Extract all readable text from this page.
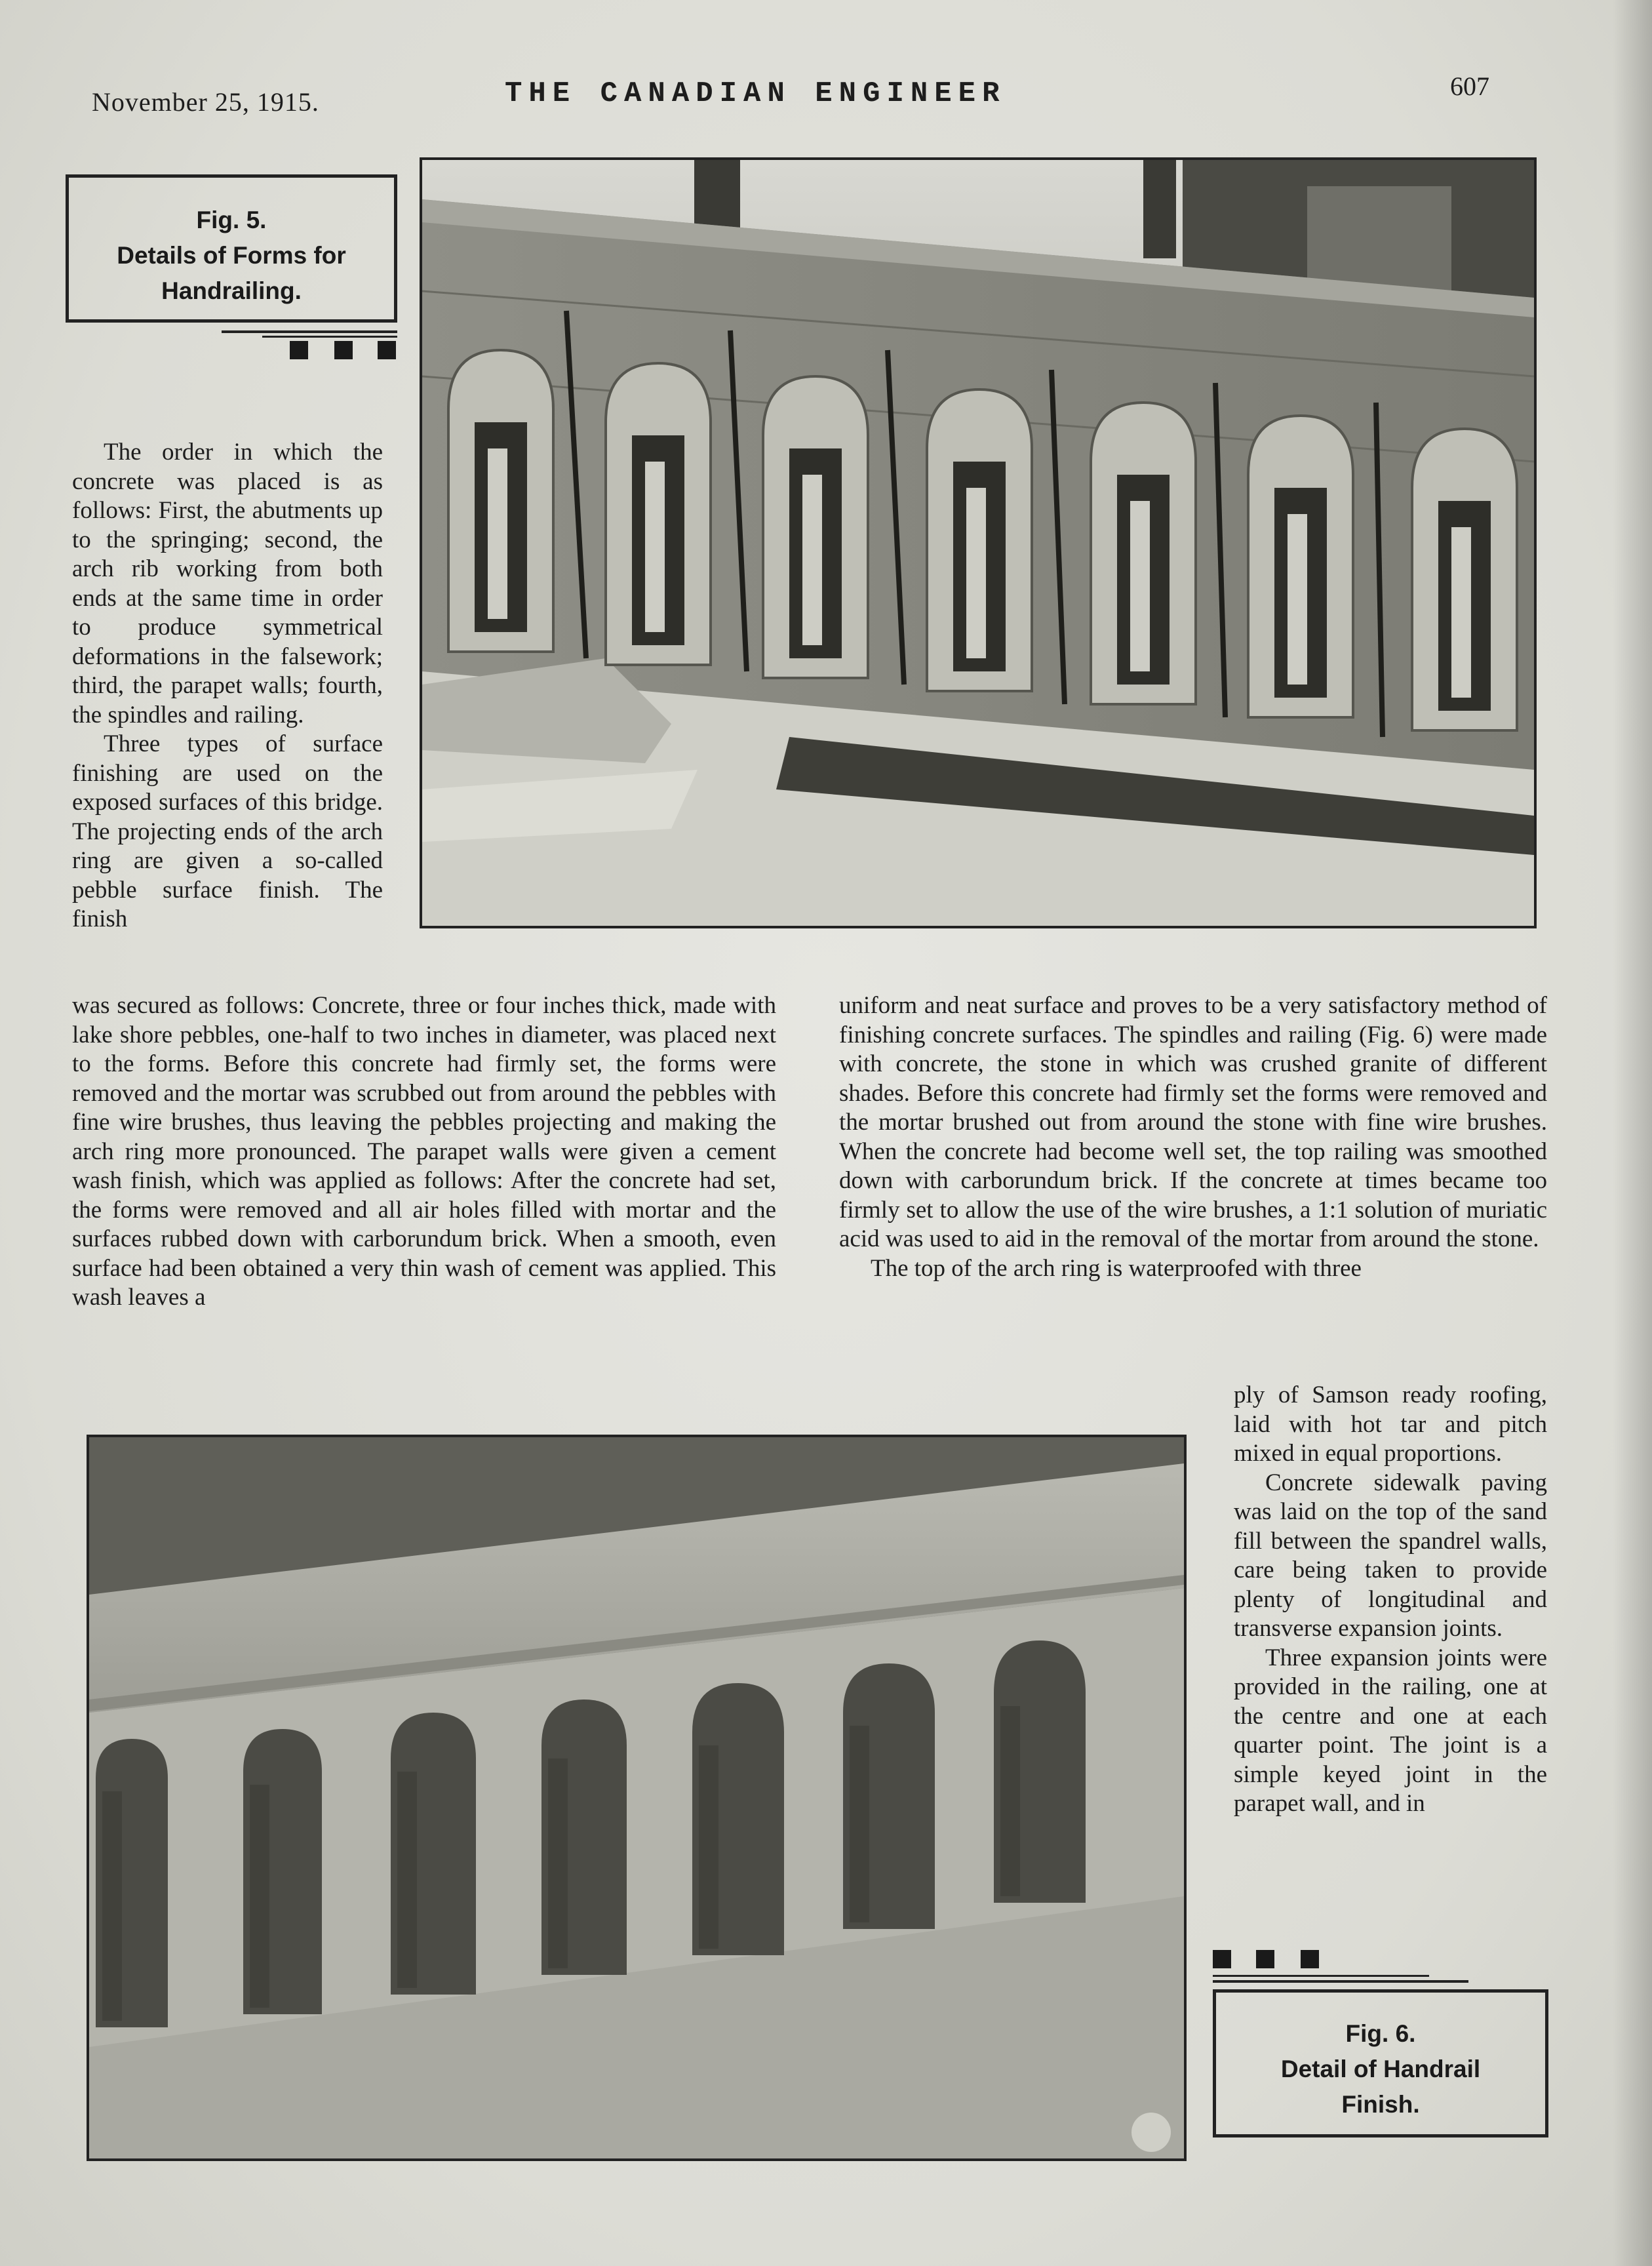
November 25, 1915.	THE CANADIAN ENGINEER	607
Fig. 5.
Details of Forms for
Handrailing.

The order in which the concrete was placed is as follows: First, the abutments up to the springing; second, the arch rib working from both ends at the same time in order to produce symmetrical deformations in the falsework; third, the parapet walls; fourth, the spindles and railing.

Three types of surface finishing are used on the exposed surfaces of this bridge. The projecting ends of the arch ring are given a so-called pebble surface finish. The finish

was secured as follows: Concrete, three or four inches thick, made with lake shore pebbles, one-half to two inches in diameter, was placed next to the forms. Before this concrete had firmly set, the forms were removed and the mortar was scrubbed out from around the pebbles with fine wire brushes, thus leaving the pebbles projecting and making the arch ring more pronounced. The parapet walls were given a cement wash finish, which was applied as follows: After the concrete had set, the forms were removed and all air holes filled with mortar and the surfaces rubbed down with carborundum brick. When a smooth, even surface had been obtained a very thin wash of cement was applied. This wash leaves a

uniform and neat surface and proves to be a very satisfactory method of finishing concrete surfaces. The spindles and railing (Fig. 6) were made with concrete, the stone in which was crushed granite of different shades. Before this concrete had firmly set the forms were removed and the mortar brushed out from around the stone with fine wire brushes. When the concrete had become well set, the top railing was smoothed down with carborundum brick. If the concrete at times became too firmly set to allow the use of the wire brushes, a 1:1 solution of muriatic acid was used to aid in the removal of the mortar from around the stone.

The top of the arch ring is waterproofed with three

ply of Samson ready roofing, laid with hot tar and pitch mixed in equal proportions.

Concrete sidewalk paving was laid on the top of the sand fill between the spandrel walls, care being taken to provide plenty of longitudinal and transverse expansion joints.

Three expansion joints were provided in the railing, one at the centre and one at each quarter point. The joint is a simple keyed joint in the parapet wall, and in

Fig. 6.
Detail of Handrail
Finish.
